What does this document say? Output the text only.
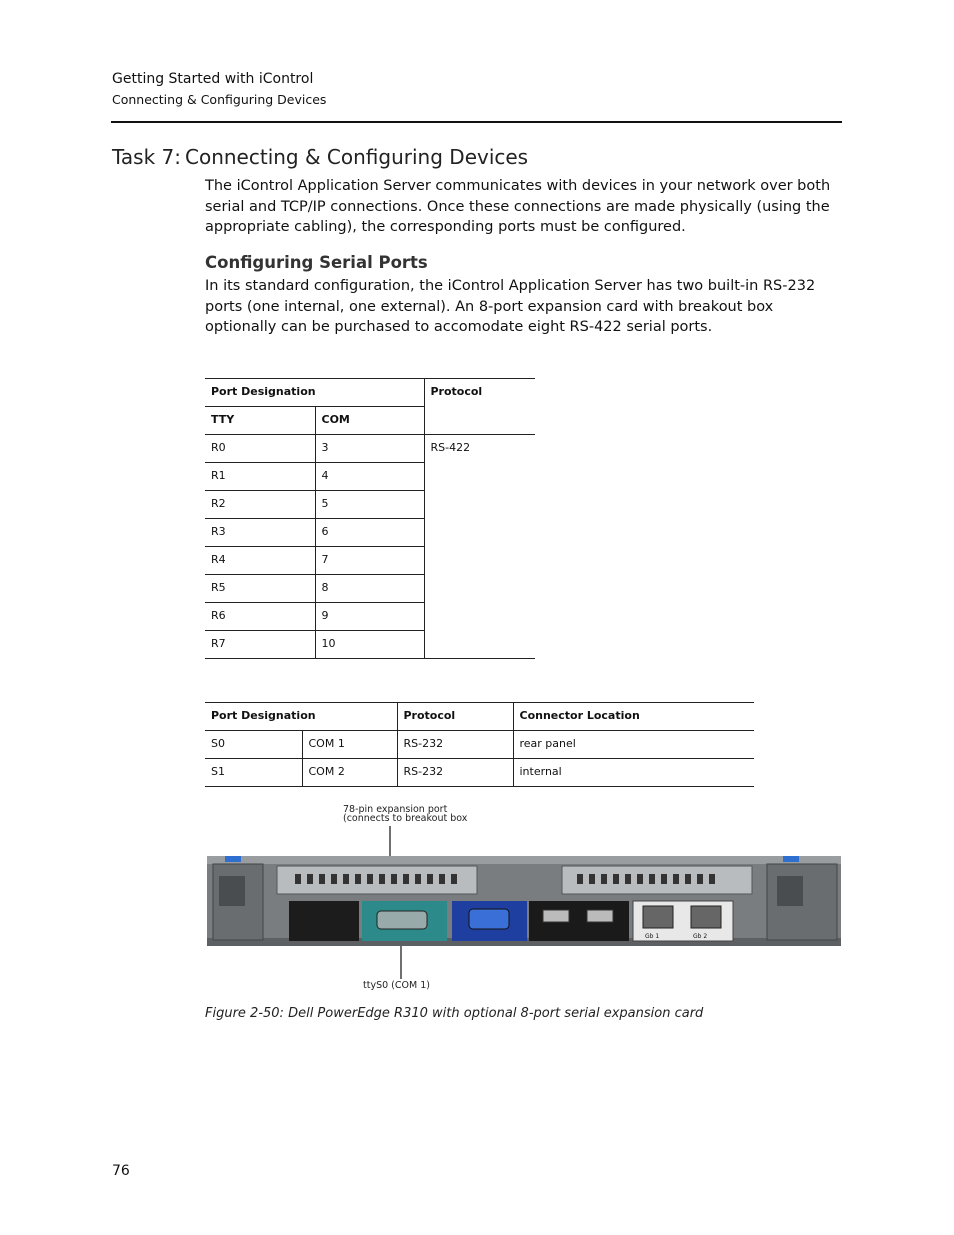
Getting Started with iControl
Connecting & Configuring Devices
Task 7: Connecting & Configuring Devices

The iControl Application Server communicates with devices in your network over both serial and TCP/IP connections. Once these connections are made physically (using the appropriate cabling), the corresponding ports must be configured.

Configuring Serial Ports

In its standard configuration, the iControl Application Server has two built-in RS-232 ports (one internal, one external). An 8-port expansion card with breakout box optionally can be purchased to accomodate eight RS-422 serial ports.

Port Designation		Protocol
TTY	COM	
R0	3	RS-422
R1	4	
R2	5	
R3	6	
R4	7	
R5	8	
R6	9	
R7	10	
Port Designation		Protocol	Connector Location
S0	COM 1	RS-232	rear panel
S1	COM 2	RS-232	internal
78-pin expansion port
(connects to breakout box
Gb 1	Gb 2
ttyS0 (COM 1)
Figure 2-50: Dell PowerEdge R310 with optional 8-port serial expansion card
76
